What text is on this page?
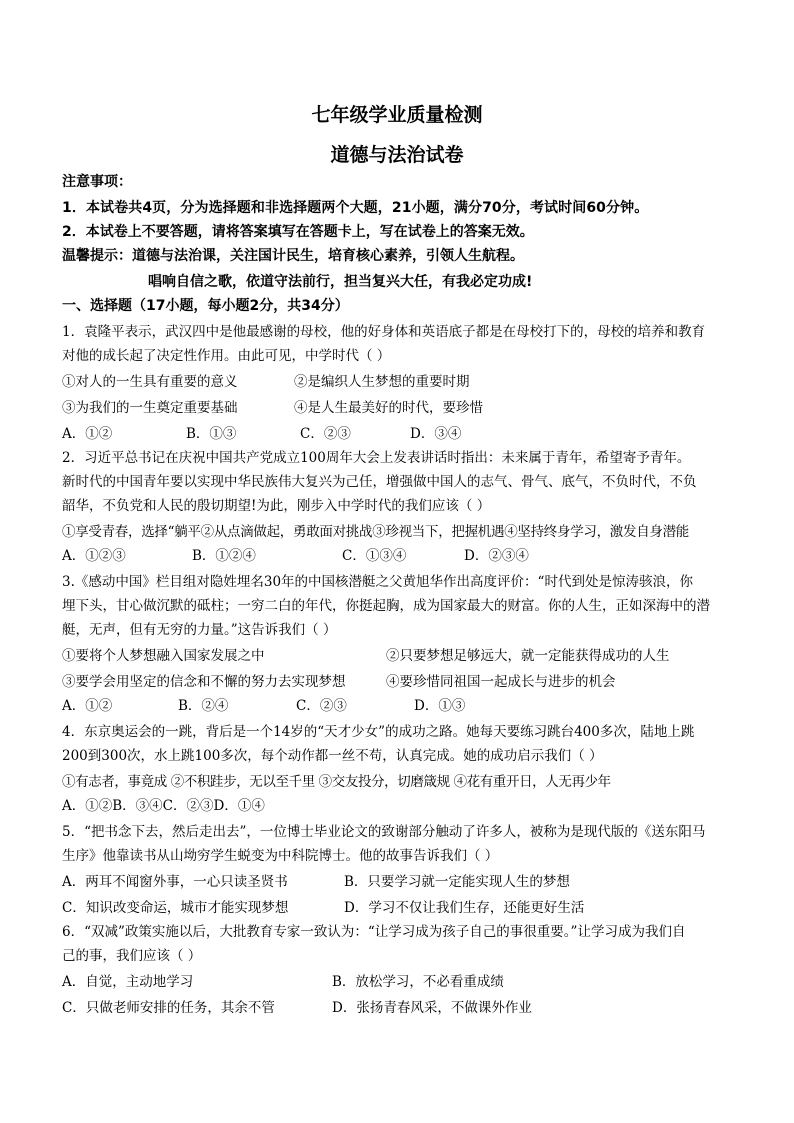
七年级学业质量检测
道德与法治试卷
注意事项：
1．本试卷共4页，分为选择题和非选择题两个大题，21小题，满分70分，考试时间60分钟。
2．本试卷上不要答题，请将答案填写在答题卡上，写在试卷上的答案无效。
温馨提示：道德与法治课，关注国计民生，培育核心素养，引领人生航程。
唱响自信之歌，依道守法前行，担当复兴大任，有我必定功成!
一、选择题（17小题，每小题2分，共34分）
1．袁隆平表示，武汉四中是他最感谢的母校，他的好身体和英语底子都是在母校打下的，母校的培养和教育
对他的成长起了决定性作用。由此可见，中学时代（ ）
①对人的一生具有重要的意义	②是编织人生梦想的重要时期
③为我们的一生奠定重要基础	④是人生最美好的时代，要珍惜
A．①②	B．①③	C．②③	D．③④
2．习近平总书记在庆祝中国共产党成立100周年大会上发表讲话时指出：未来属于青年，希望寄予青年。
新时代的中国青年要以实现中华民族伟大复兴为己任，增强做中国人的志气、骨气、底气，不负时代，不负
韶华，不负党和人民的殷切期望!为此，刚步入中学时代的我们应该（ ）
①享受青春，选择“躺平②从点滴做起，勇敢面对挑战③珍视当下，把握机遇④坚持终身学习，激发自身潜能
A．①②③	B．①②④	C．①③④	D．②③④
3.《感动中国》栏目组对隐姓埋名30年的中国核潜艇之父黄旭华作出高度评价：“时代到处是惊涛骇浪，你
埋下头，甘心做沉默的砥柱；一穷二白的年代，你挺起胸，成为国家最大的财富。你的人生，正如深海中的潜
艇，无声，但有无穷的力量。”这告诉我们（ ）
①要将个人梦想融入国家发展之中	②只要梦想足够远大，就一定能获得成功的人生
③要学会用坚定的信念和不懈的努力去实现梦想	④要珍惜同祖国一起成长与进步的机会
A．①②	B．②④	C．②③	D．①③
4．东京奥运会的一跳，背后是一个14岁的“天才少女”的成功之路。她每天要练习跳台400多次，陆地上跳
200到300次，水上跳100多次，每个动作都一丝不苟，认真完成。她的成功启示我们（ ）
①有志者，事竟成 ②不积跬步，无以至千里 ③交友投分，切磨箴规 ④花有重开日，人无再少年
A．①②B．③④C．②③D．①④
5．“把书念下去，然后走出去”，一位博士毕业论文的致谢部分触动了许多人，被称为是现代版的《送东阳马
生序》他靠读书从山坳穷学生蜕变为中科院博士。他的故事告诉我们（ ）
A．两耳不闻窗外事，一心只读圣贤书	B．只要学习就一定能实现人生的梦想
C．知识改变命运，城市才能实现梦想	D．学习不仅让我们生存，还能更好生活
6．“双减”政策实施以后，大批教育专家一致认为：“让学习成为孩子自己的事很重要。”让学习成为我们自
己的事，我们应该（ ）
A．自觉，主动地学习	B．放松学习，不必看重成绩
C．只做老师安排的任务，其余不管	D．张扬青春风采，不做课外作业
